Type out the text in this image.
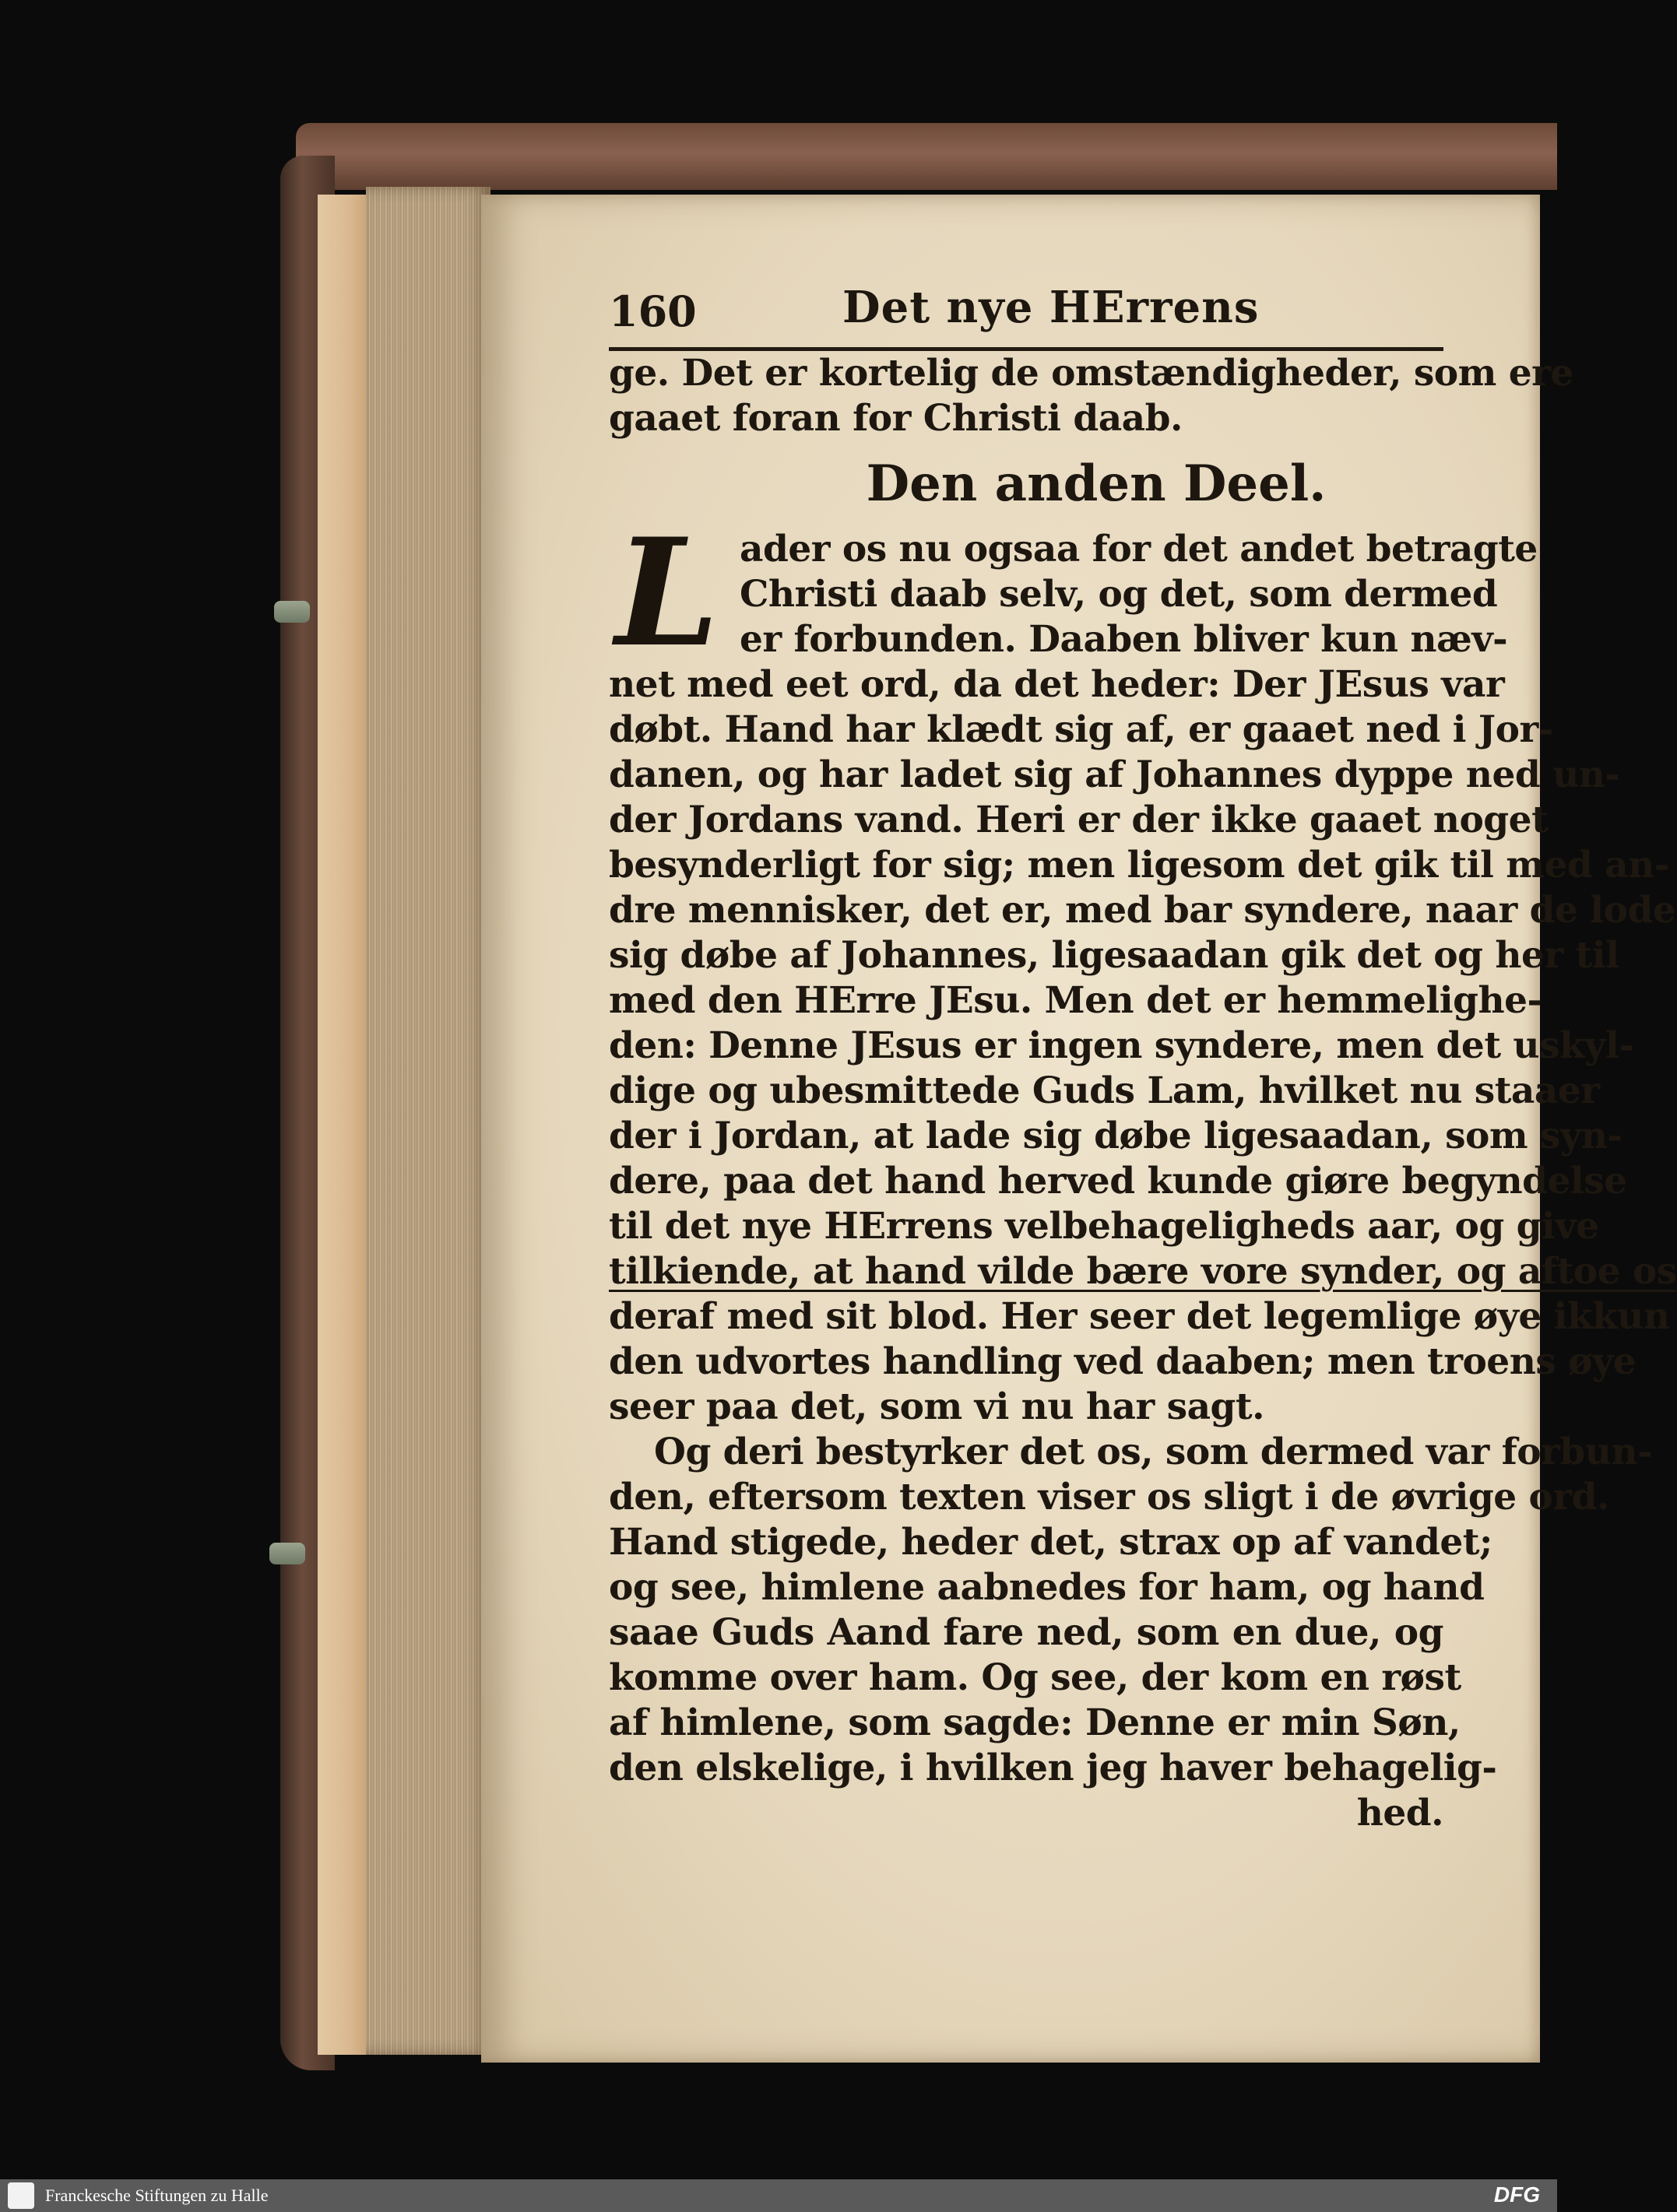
160	Det nye HErrens
ge. Det er kortelig de omstændigheder, som ere
gaaet foran for Christi daab.
Den anden Deel.
L ader os nu ogsaa for det andet betragte
Christi daab selv, og det, som dermed
er forbunden. Daaben bliver kun næv-
net med eet ord, da det heder: Der JEsus var
døbt. Hand har klædt sig af, er gaaet ned i Jor-
danen, og har ladet sig af Johannes dyppe ned un-
der Jordans vand. Heri er der ikke gaaet noget
besynderligt for sig; men ligesom det gik til med an-
dre mennisker, det er, med bar syndere, naar de lode
sig døbe af Johannes, ligesaadan gik det og her til
med den HErre JEsu. Men det er hemmelighe-
den: Denne JEsus er ingen syndere, men det uskyl-
dige og ubesmittede Guds Lam, hvilket nu staaer
der i Jordan, at lade sig døbe ligesaadan, som syn-
dere, paa det hand herved kunde giøre begyndelse
til det nye HErrens velbehageligheds aar, og give
tilkiende, at hand vilde bære vore synder, og aftoe os
deraf med sit blod. Her seer det legemlige øye ikkun
den udvortes handling ved daaben; men troens øye
seer paa det, som vi nu har sagt.
Og deri bestyrker det os, som dermed var forbun-
den, eftersom texten viser os sligt i de øvrige ord.
Hand stigede, heder det, strax op af vandet;
og see, himlene aabnedes for ham, og hand
saae Guds Aand fare ned, som en due, og
komme over ham. Og see, der kom en røst
af himlene, som sagde: Denne er min Søn,
den elskelige, i hvilken jeg haver behagelig-
hed.
Franckesche Stiftungen zu Halle	DFG
